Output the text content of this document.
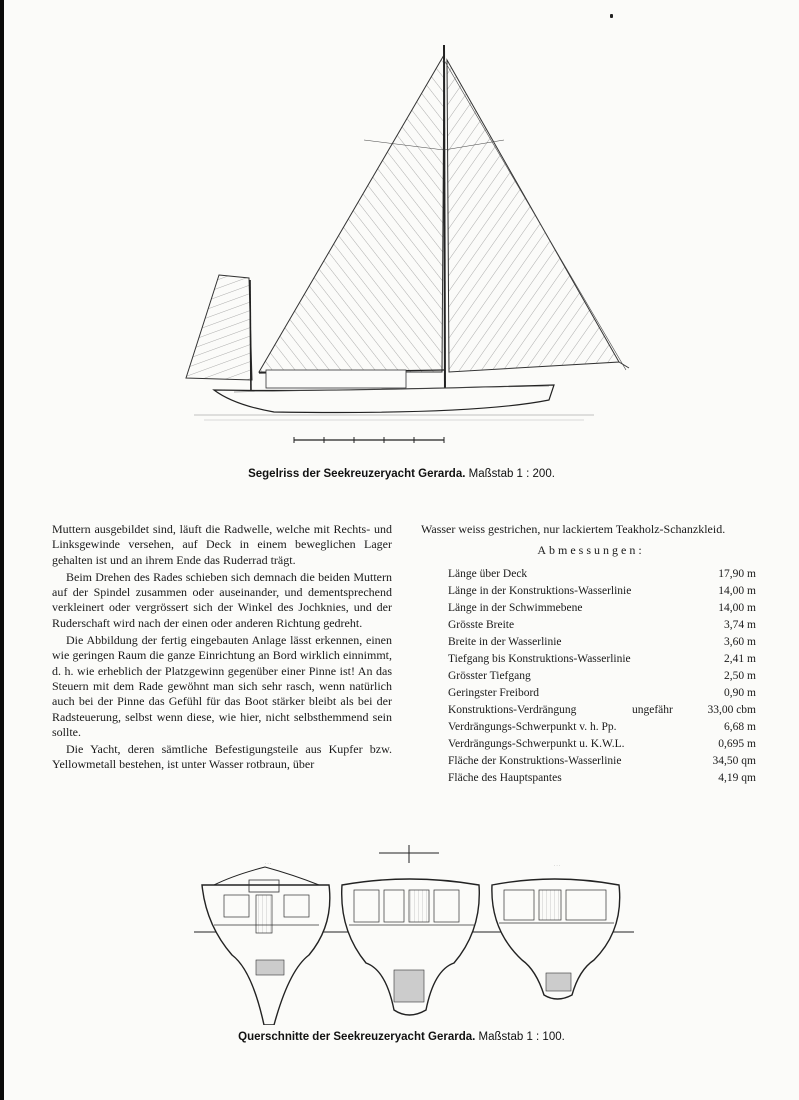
Segelriss der Seekreuzeryacht Gerarda. Maßstab 1 : 200.

Muttern ausgebildet sind, läuft die Radwelle, welche mit Rechts- und Linksgewinde versehen, auf Deck in einem beweglichen Lager gehalten ist und an ihrem Ende das Ruderrad trägt.

Beim Drehen des Rades schieben sich demnach die beiden Muttern auf der Spindel zusammen oder auseinander, und dementsprechend verkleinert oder vergrössert sich der Winkel des Jochknies, und der Ruderschaft wird nach der einen oder anderen Richtung gedreht.

Die Abbildung der fertig eingebauten Anlage lässt erkennen, einen wie geringen Raum die ganze Einrichtung an Bord wirklich einnimmt, d. h. wie erheblich der Platzgewinn gegenüber einer Pinne ist! An das Steuern mit dem Rade gewöhnt man sich sehr rasch, wenn natürlich auch bei der Pinne das Gefühl für das Boot stärker bleibt als bei der Radsteuerung, selbst wenn diese, wie hier, nicht selbsthemmend sein sollte.

Die Yacht, deren sämtliche Befestigungsteile aus Kupfer bzw. Yellowmetall bestehen, ist unter Wasser rotbraun, über

Wasser weiss gestrichen, nur lackiertem Teakholz-Schanzkleid.

Abmessungen:
Länge über Deck	17,90 m
Länge in der Konstruktions-Wasserlinie	14,00 m
Länge in der Schwimmebene	14,00 m
Grösste Breite	3,74 m
Breite in der Wasserlinie	3,60 m
Tiefgang bis Konstruktions-Wasserlinie	2,41 m
Grösster Tiefgang	2,50 m
Geringster Freibord	0,90 m
Konstruktions-Verdrängung	ungefähr	33,00 cbm
Verdrängungs-Schwerpunkt v. h. Pp.	6,68 m
Verdrängungs-Schwerpunkt u. K.W.L.	0,695 m
Fläche der Konstruktions-Wasserlinie	34,50 qm
Fläche des Hauptspantes	4,19 qm
· · ·	· · ·
Querschnitte der Seekreuzeryacht Gerarda. Maßstab 1 : 100.
